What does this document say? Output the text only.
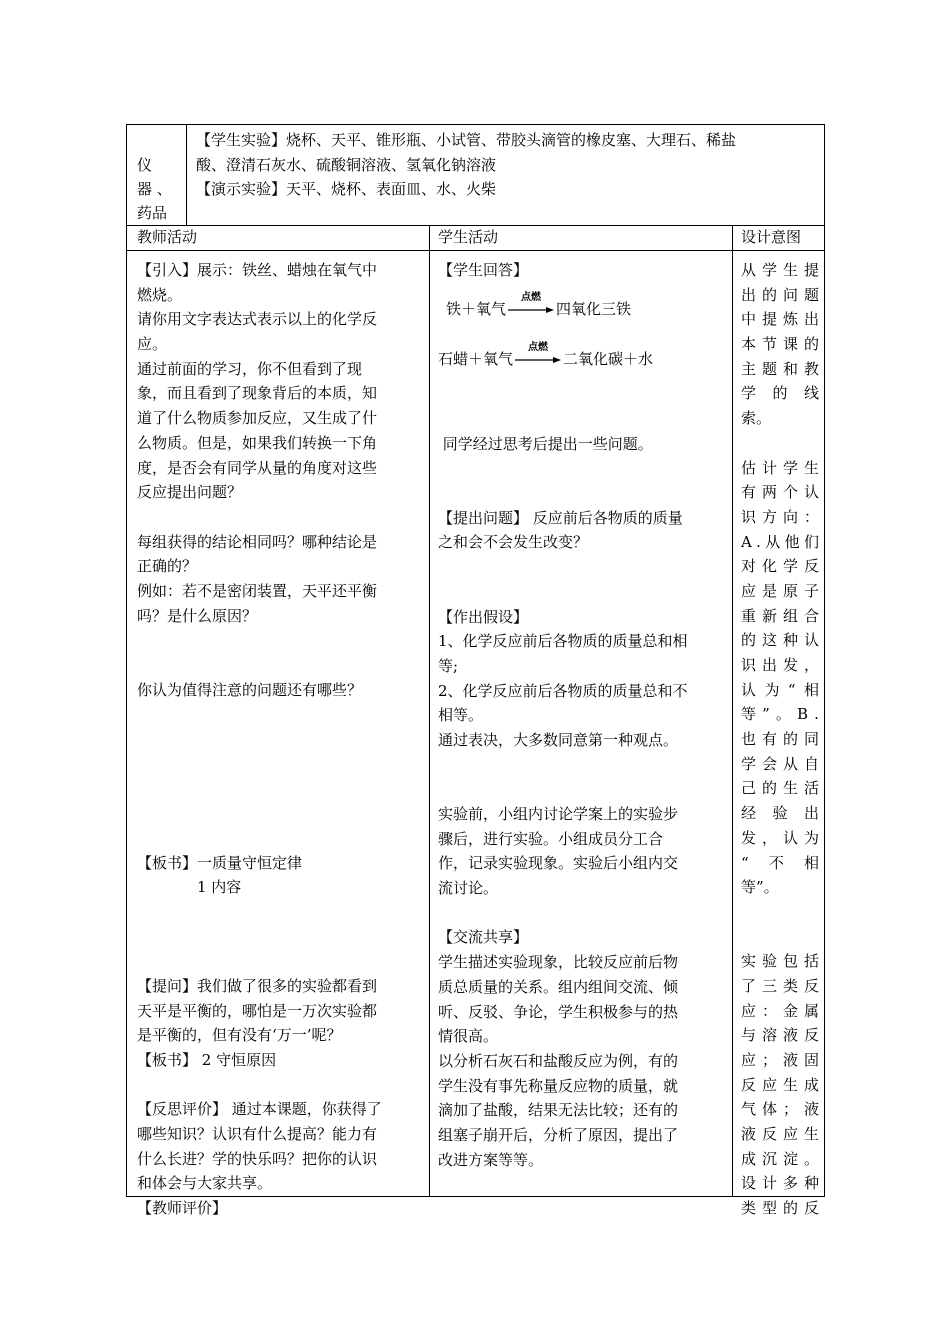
仪
器 、
药品
【学生实验】烧杯、天平、锥形瓶、小试管、带胶头滴管的橡皮塞、大理石、稀盐
酸、澄清石灰水、硫酸铜溶液、氢氧化钠溶液
【演示实验】天平、烧杯、表面皿、水、火柴
教师活动	学生活动	设计意图
【引入】展示：铁丝、蜡烛在氧气中
燃烧。
请你用文字表达式表示以上的化学反
应。
通过前面的学习，你不但看到了现
象，而且看到了现象背后的本质，知
道了什么物质参加反应，又生成了什
么物质。但是，如果我们转换一下角
度，是否会有同学从量的角度对这些
反应提出问题？
每组获得的结论相同吗？哪种结论是
正确的？
例如：若不是密闭装置，天平还平衡
吗？是什么原因？
你认为值得注意的问题还有哪些？
【板书】一质量守恒定律
1 内容
【提问】我们做了很多的实验都看到
天平是平衡的，哪怕是一万次实验都
是平衡的，但有没有‘万一’呢？
【板书】 2 守恒原因
【反思评价】 通过本课题，你获得了
哪些知识？认识有什么提高？能力有
什么长进？学的快乐吗？把你的认识
和体会与大家共享。
【教师评价】
【学生回答】
铁＋氧气
点燃
四氧化三铁
石蜡＋氧气
点燃
二氧化碳＋水
同学经过思考后提出一些问题。
【提出问题】 反应前后各物质的质量
之和会不会发生改变？
【作出假设】
1、化学反应前后各物质的质量总和相
等;
2、化学反应前后各物质的质量总和不
相等。
通过表决，大多数同意第一种观点。
实验前，小组内讨论学案上的实验步
骤后，进行实验。小组成员分工合
作，记录实验现象。实验后小组内交
流讨论。
【交流共享】
学生描述实验现象，比较反应前后物
质总质量的关系。组内组间交流、倾
听、反驳、争论，学生积极参与的热
情很高。
以分析石灰石和盐酸反应为例，有的
学生没有事先称量反应物的质量，就
滴加了盐酸，结果无法比较；还有的
组塞子崩开后，分析了原因，提出了
改进方案等等。
从 学 生 提
出 的 问 题
中 提 炼 出
本 节 课 的
主 题 和 教
学 的 线
索。
估 计 学 生
有 两 个 认
识 方 向 ：
A . 从 他 们
对 化 学 反
应 是 原 子
重 新 组 合
的 这 种 认
识 出 发 ，
认 为 “ 相
等 ” 。 B .
也 有 的 同
学 会 从 自
己 的 生 活
经 验 出
发 ， 认 为
“ 不 相
等”。
实 验 包 括
了 三 类 反
应 ： 金 属
与 溶 液 反
应 ； 液 固
反 应 生 成
气 体 ； 液
液 反 应 生
成 沉 淀 。
设 计 多 种
类 型 的 反
